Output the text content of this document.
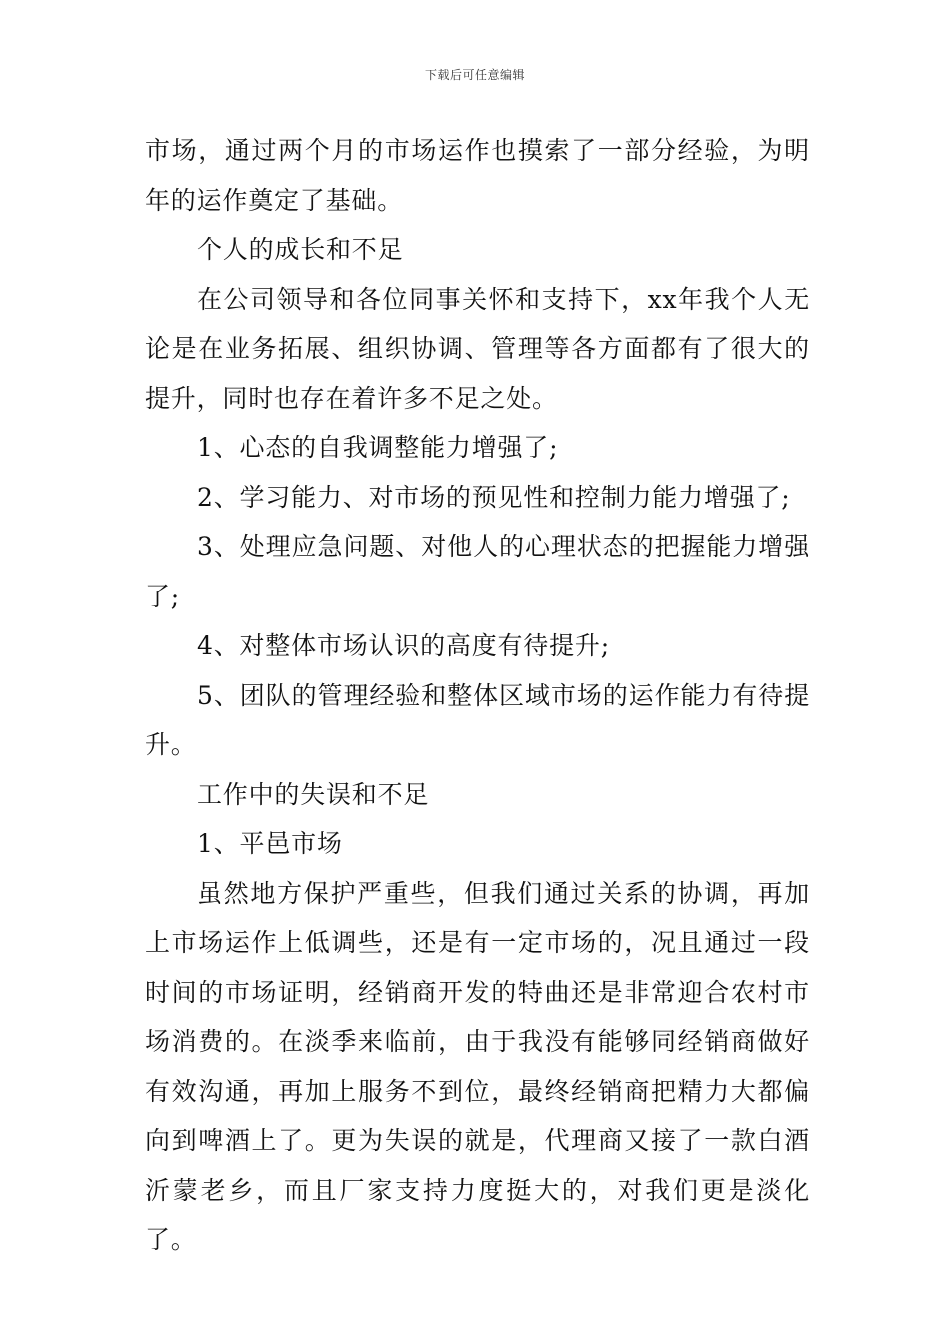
下载后可任意编辑

市场，通过两个月的市场运作也摸索了一部分经验，为明年的运作奠定了基础。

个人的成长和不足

在公司领导和各位同事关怀和支持下，xx年我个人无论是在业务拓展、组织协调、管理等各方面都有了很大的提升，同时也存在着许多不足之处。

1、心态的自我调整能力增强了;

2、学习能力、对市场的预见性和控制力能力增强了;

3、处理应急问题、对他人的心理状态的把握能力增强了;

4、对整体市场认识的高度有待提升;

5、团队的管理经验和整体区域市场的运作能力有待提升。

工作中的失误和不足

1、平邑市场

虽然地方保护严重些，但我们通过关系的协调，再加上市场运作上低调些，还是有一定市场的，况且通过一段时间的市场证明，经销商开发的特曲还是非常迎合农村市场消费的。在淡季来临前，由于我没有能够同经销商做好有效沟通，再加上服务不到位，最终经销商把精力大都偏向到啤酒上了。更为失误的就是，代理商又接了一款白酒沂蒙老乡，而且厂家支持力度挺大的，对我们更是淡化了。
